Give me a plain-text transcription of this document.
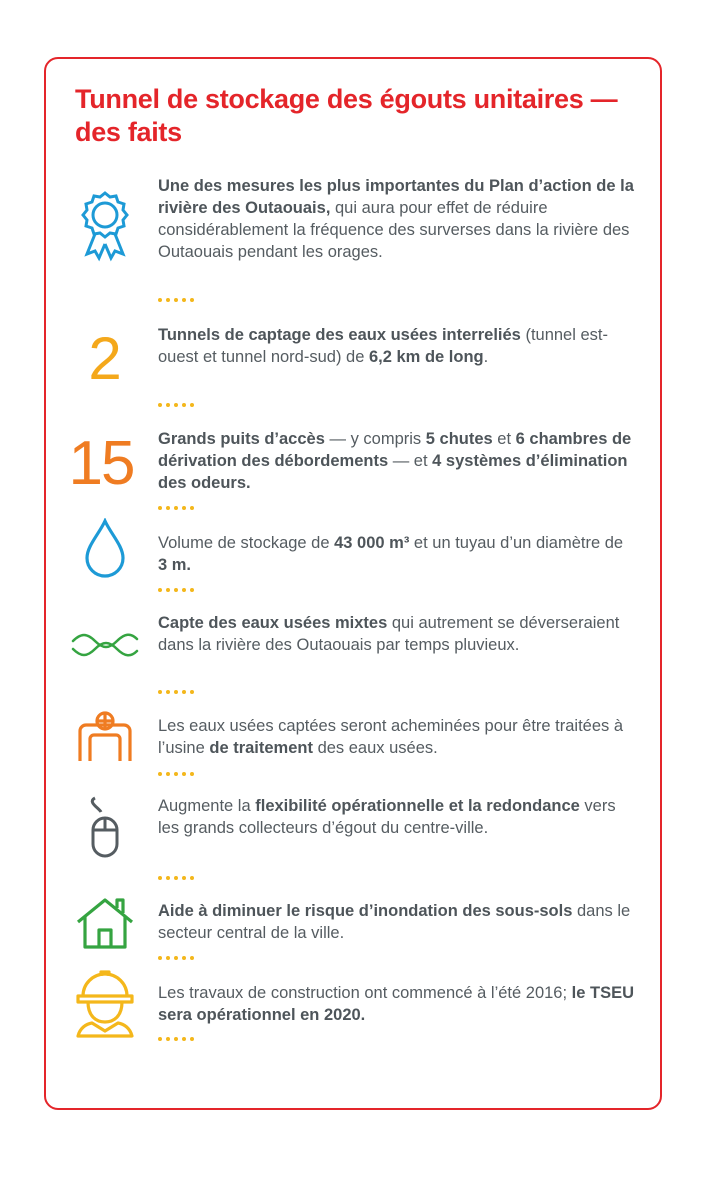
Tunnel de stockage des égouts unitaires — des faits

Une des mesures les plus importantes du Plan d’action de la rivière des Outaouais, qui aura pour effet de réduire considérablement la fréquence des surverses dans la rivière des Outaouais pendant les orages.

2 Tunnels de captage des eaux usées interreliés (tunnel est-ouest et tunnel nord-sud) de 6,2 km de long.

15 Grands puits d’accès — y compris 5 chutes et 6 chambres de dérivation des débordements — et 4 systèmes d’élimination des odeurs.

Volume de stockage de 43 000 m³ et un tuyau d’un diamètre de 3 m.

Capte des eaux usées mixtes qui autrement se déverseraient dans la rivière des Outaouais par temps pluvieux.

Les eaux usées captées seront acheminées pour être traitées à l’usine de traitement des eaux usées.

Augmente la flexibilité opérationnelle et la redondance vers les grands collecteurs d’égout du centre-ville.

Aide à diminuer le risque d’inondation des sous-sols dans le secteur central de la ville.

Les travaux de construction ont commencé à l’été 2016; le TSEU sera opérationnel en 2020.
